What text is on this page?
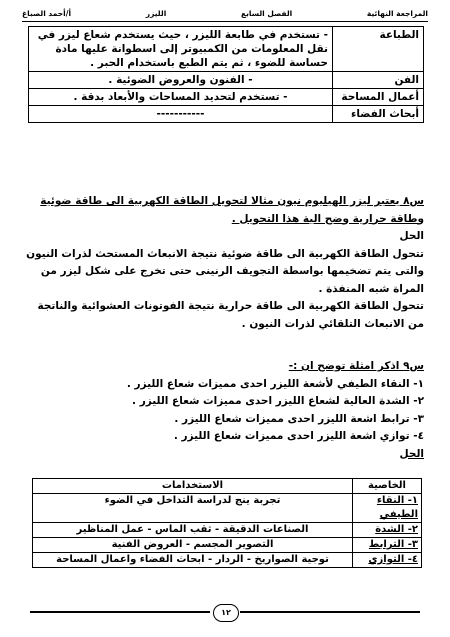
المراجعة النهائية
الفصل السابع
الليزر
أ/أحمد الصباغ
الطباعة	- تستخدم في طابعة الليزر ، حيث يستخدم شعاع ليزر في نقل المعلومات من الكمبيوتر إلى اسطوانة عليها مادة حساسة للضوء ، ثم يتم الطبع باستخدام الحبر .
الفن	- الفنون والعروض الضوئية .
أعمال المساحة	- تستخدم لتحديد المساحات والأبعاد بدقة .
أبحاث الفضاء	-----------
س٨ يعتبر ليزر الهيليوم نيون مثالا لتحويل الطاقة الكهربية الى طاقة ضوئية وطاقة حرارية وضح الية هذا التحويل .
الحل
تتحول الطاقة الكهربية الى طاقة ضوئية نتيجة الانبعاث المستحث لذرات النيون والتى يتم تضخيمها بواسطة التجويف الرنينى حتى تخرج على شكل ليزر من المراة شبه المنفذة .
تتحول الطاقة الكهربية الى طاقة حرارية نتيجة الفوتونات العشوائية والناتجة من الانبعاث التلقائي لذرات النيون .
س٩ اذكر امثلة توضح ان :-
١- النقاء الطيفي لأشعة الليزر احدى مميزات شعاع الليزر .
٢- الشدة العالية لشعاع الليزر احدى مميزات شعاع الليزر .
٣- ترابط اشعة الليزر احدى مميزات شعاع الليزر .
٤- توازي اشعة الليزر احدى مميزات شعاع الليزر .
الحل
الخاصية	الاستخدامات
١- النقاء الطيفي	تجربة ينج لدراسة التداخل في الضوء
٢- الشدة	الصناعات الدقيقة - ثقب الماس - عمل المناظير
٣- الترابط	التصوير المجسم - العروض الفنية
٤- التوازي	توجية الصواريخ - الردار - ابحاث الفضاء واعمال المساحة
١٢
